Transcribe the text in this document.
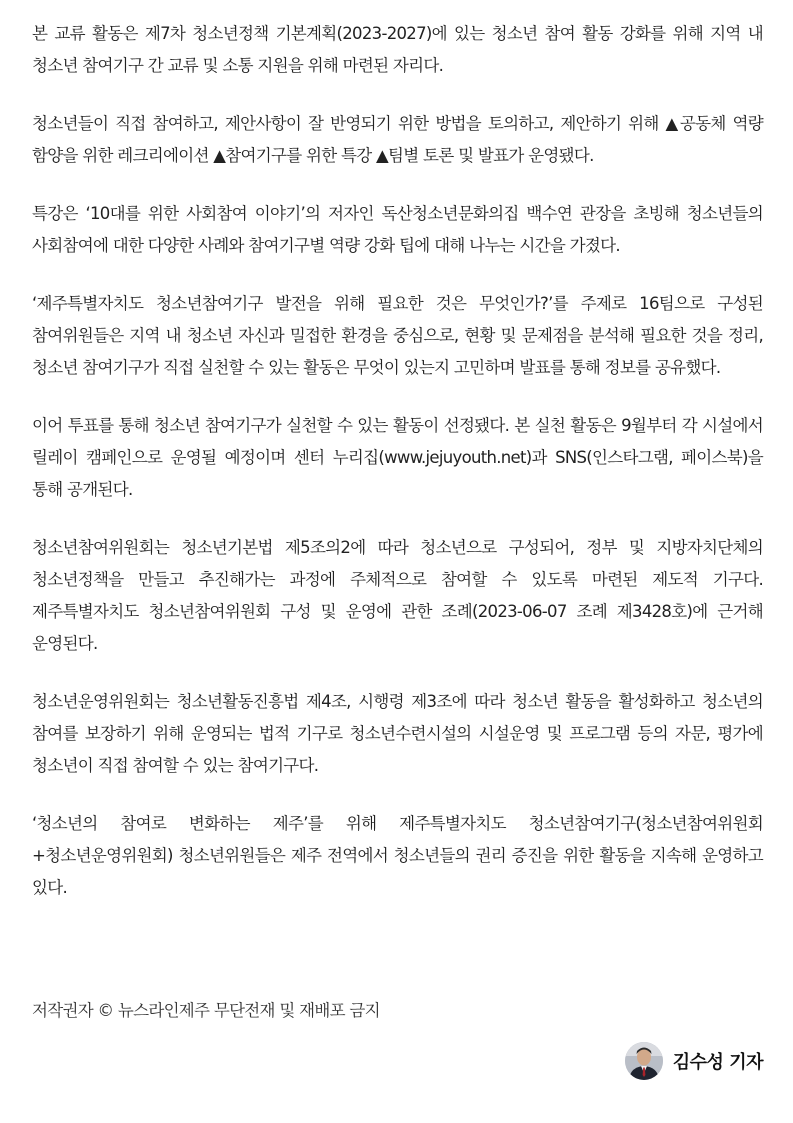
본 교류 활동은 제7차 청소년정책 기본계획(2023-2027)에 있는 청소년 참여 활동 강화를 위해 지역 내 청소년 참여기구 간 교류 및 소통 지원을 위해 마련된 자리다.

청소년들이 직접 참여하고, 제안사항이 잘 반영되기 위한 방법을 토의하고, 제안하기 위해 ▲공동체 역량 함양을 위한 레크리에이션 ▲참여기구를 위한 특강 ▲팀별 토론 및 발표가 운영됐다.

특강은 ‘10대를 위한 사회참여 이야기’의 저자인 독산청소년문화의집 백수연 관장을 초빙해 청소년들의 사회참여에 대한 다양한 사례와 참여기구별 역량 강화 팁에 대해 나누는 시간을 가졌다.

‘제주특별자치도 청소년참여기구 발전을 위해 필요한 것은 무엇인가?’를 주제로 16팀으로 구성된 참여위원들은 지역 내 청소년 자신과 밀접한 환경을 중심으로, 현황 및 문제점을 분석해 필요한 것을 정리, 청소년 참여기구가 직접 실천할 수 있는 활동은 무엇이 있는지 고민하며 발표를 통해 정보를 공유했다.

이어 투표를 통해 청소년 참여기구가 실천할 수 있는 활동이 선정됐다. 본 실천 활동은 9월부터 각 시설에서 릴레이 캠페인으로 운영될 예정이며 센터 누리집(www.jejuyouth.net)과 SNS(인스타그램, 페이스북)을 통해 공개된다.

청소년참여위원회는 청소년기본법 제5조의2에 따라 청소년으로 구성되어, 정부 및 지방자치단체의 청소년정책을 만들고 추진해가는 과정에 주체적으로 참여할 수 있도록 마련된 제도적 기구다. 제주특별자치도 청소년참여위원회 구성 및 운영에 관한 조례(2023-06-07 조례 제3428호)에 근거해 운영된다.

청소년운영위원회는 청소년활동진흥법 제4조, 시행령 제3조에 따라 청소년 활동을 활성화하고 청소년의 참여를 보장하기 위해 운영되는 법적 기구로 청소년수련시설의 시설운영 및 프로그램 등의 자문, 평가에 청소년이 직접 참여할 수 있는 참여기구다.

‘청소년의 참여로 변화하는 제주’를 위해 제주특별자치도 청소년참여기구(청소년참여위원회+청소년운영위원회) 청소년위원들은 제주 전역에서 청소년들의 권리 증진을 위한 활동을 지속해 운영하고 있다.

저작권자 © 뉴스라인제주 무단전재 및 재배포 금지
김수성 기자
